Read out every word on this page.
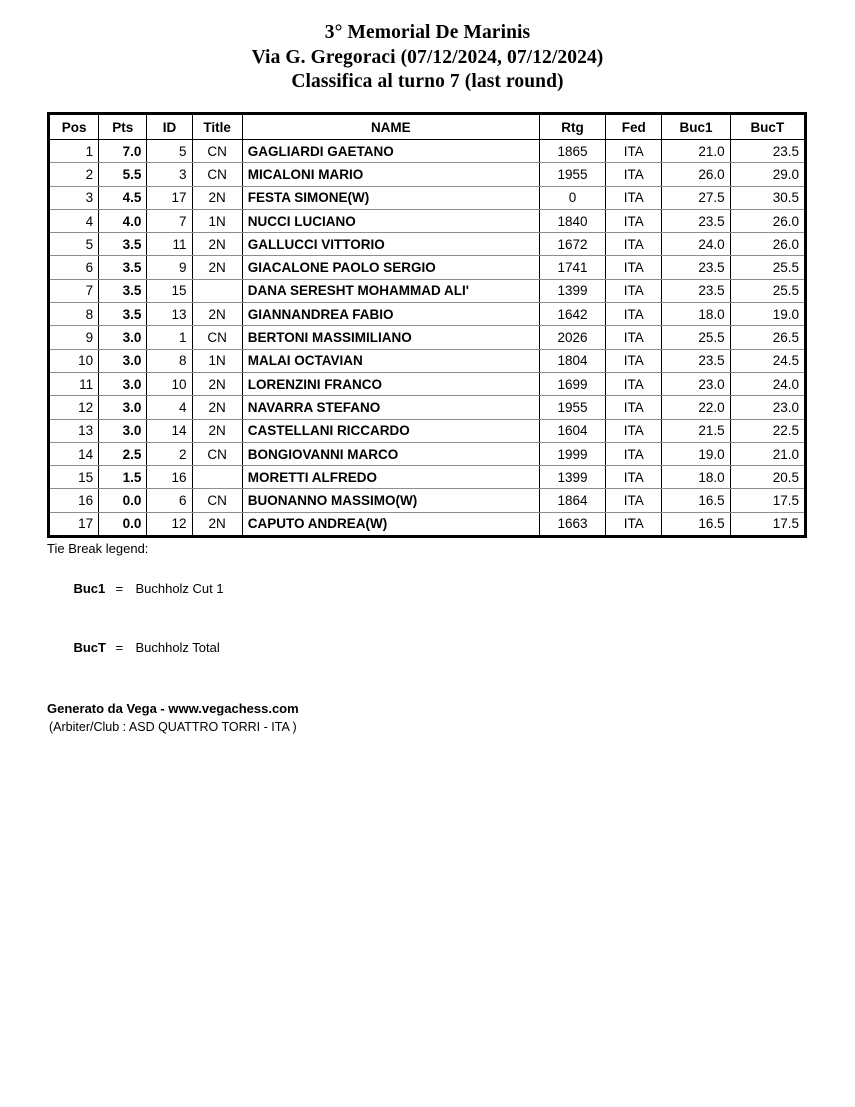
3° Memorial De Marinis
Via G. Gregoraci (07/12/2024, 07/12/2024)
Classifica al turno 7 (last round)
Pos	Pts	ID	Title	NAME	Rtg	Fed	Buc1	BucT
1	7.0	5	CN	GAGLIARDI GAETANO	1865	ITA	21.0	23.5
2	5.5	3	CN	MICALONI MARIO	1955	ITA	26.0	29.0
3	4.5	17	2N	FESTA SIMONE(W)	0	ITA	27.5	30.5
4	4.0	7	1N	NUCCI LUCIANO	1840	ITA	23.5	26.0
5	3.5	11	2N	GALLUCCI VITTORIO	1672	ITA	24.0	26.0
6	3.5	9	2N	GIACALONE PAOLO SERGIO	1741	ITA	23.5	25.5
7	3.5	15		DANA SERESHT MOHAMMAD ALI'	1399	ITA	23.5	25.5
8	3.5	13	2N	GIANNANDREA FABIO	1642	ITA	18.0	19.0
9	3.0	1	CN	BERTONI MASSIMILIANO	2026	ITA	25.5	26.5
10	3.0	8	1N	MALAI OCTAVIAN	1804	ITA	23.5	24.5
11	3.0	10	2N	LORENZINI FRANCO	1699	ITA	23.0	24.0
12	3.0	4	2N	NAVARRA STEFANO	1955	ITA	22.0	23.0
13	3.0	14	2N	CASTELLANI RICCARDO	1604	ITA	21.5	22.5
14	2.5	2	CN	BONGIOVANNI MARCO	1999	ITA	19.0	21.0
15	1.5	16		MORETTI ALFREDO	1399	ITA	18.0	20.5
16	0.0	6	CN	BUONANNO MASSIMO(W)	1864	ITA	16.5	17.5
17	0.0	12	2N	CAPUTO ANDREA(W)	1663	ITA	16.5	17.5
Tie Break legend:

Buc1 = Buchholz Cut 1

BucT = Buchholz Total

Generato da Vega - www.vegachess.com
(Arbiter/Club : ASD QUATTRO TORRI - ITA )
